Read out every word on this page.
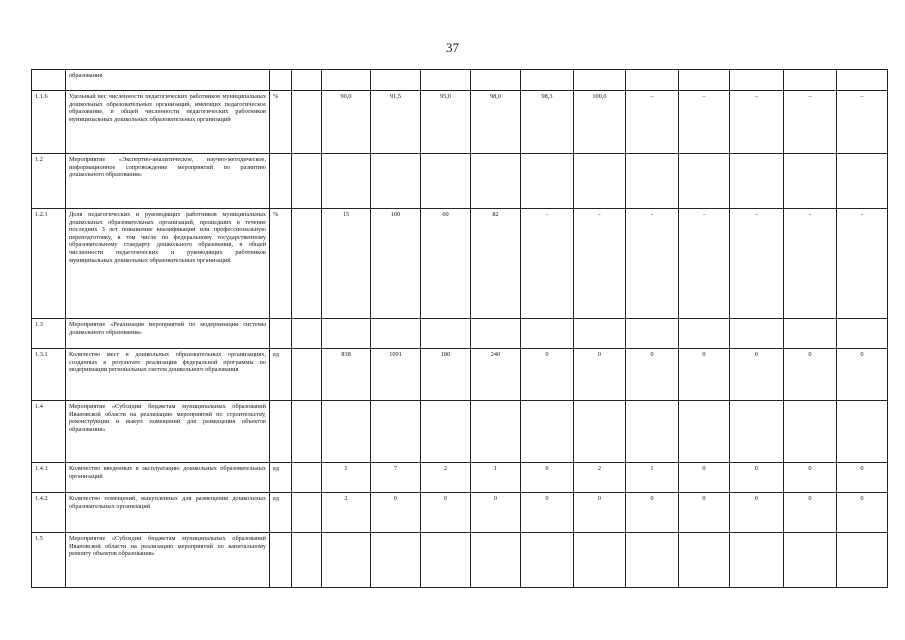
37
	образования													
1.1.6	Удельный вес численности педагогических работников муниципальных дошкольных образовательных организаций, имеющих педагогическое образование, в общей численности педагогических работников муниципальных дошкольных образовательных организаций	%		90,0	91,5	95,0	98,0	98,3	100,0	–	–	–	–	–
1.2	Мероприятие «Экспертно-аналитическое, научно-методическое, информационное сопровождение мероприятий по развитию дошкольного образования»													
1.2.1	Доля педагогических и руководящих работников муниципальных дошкольных образовательных организаций, прошедших в течение последних 3 лет повышение квалификации или профессиональную переподготовку, в том числе по федеральному государственному образовательному стандарту дошкольного образования, в общей численности педагогических и руководящих работников муниципальных дошкольных образовательных организаций	%		15	100	60	82	-	-	-	-	-	-	-
1.3	Мероприятие «Реализация мероприятий по модернизации системы дошкольного образования»													
1.3.1	Количество мест в дошкольных образовательных организациях, созданных в результате реализации федеральной программы по модернизации региональных систем дошкольного образования	ед		838	1091	180	240	0	0	0	0	0	0	0
1.4	Мероприятие «Субсидии бюджетам муниципальных образований Ивановской области на реализацию мероприятий по строительству, реконструкции и выкуп помещений для размещения объектов образования»													
1.4.1	Количество введенных в эксплуатацию дошкольных образовательных организаций	ед		1	7	2	1	0	2	1	0	0	0	0
1.4.2	Количество помещений, выкупленных для размещения дошкольных образовательных организаций	ед		2	0	0	0	0	0	0	0	0	0	0
1.5	Мероприятие «Субсидии бюджетам муниципальных образований Ивановской области на реализацию мероприятий по капитальному ремонту объектов образования»													
